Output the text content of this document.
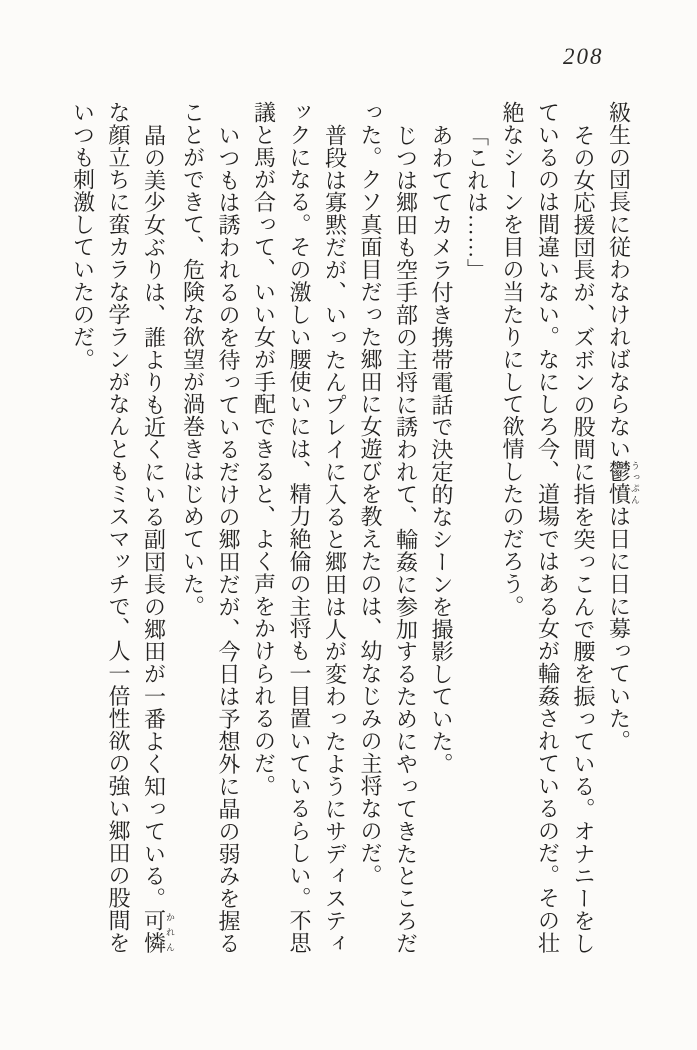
208

級生の団長に従わなければならない鬱憤うっぷんは日に日に募っていた。

その女応援団長が、ズボンの股間に指を突っこんで腰を振っている。オナニーをし

ているのは間違いない。なにしろ今、道場ではある女が輪姦されているのだ。その壮

絶なシーンを目の当たりにして欲情したのだろう。

「これは……」

あわててカメラ付き携帯電話で決定的なシーンを撮影していた。

じつは郷田も空手部の主将に誘われて、輪姦に参加するためにやってきたところだ

った。クソ真面目だった郷田に女遊びを教えたのは、幼なじみの主将なのだ。

普段は寡黙だが、いったんプレイに入ると郷田は人が変わったようにサディスティ

ックになる。その激しい腰使いには、精力絶倫の主将も一目置いているらしい。不思

議と馬が合って、いい女が手配できると、よく声をかけられるのだ。

いつもは誘われるのを待っているだけの郷田だが、今日は予想外に晶の弱みを握る

ことができて、危険な欲望が渦巻きはじめていた。

晶の美少女ぶりは、誰よりも近くにいる副団長の郷田が一番よく知っている。可憐かれん

な顔立ちに蛮カラな学ランがなんともミスマッチで、人一倍性欲の強い郷田の股間を

いつも刺激していたのだ。
